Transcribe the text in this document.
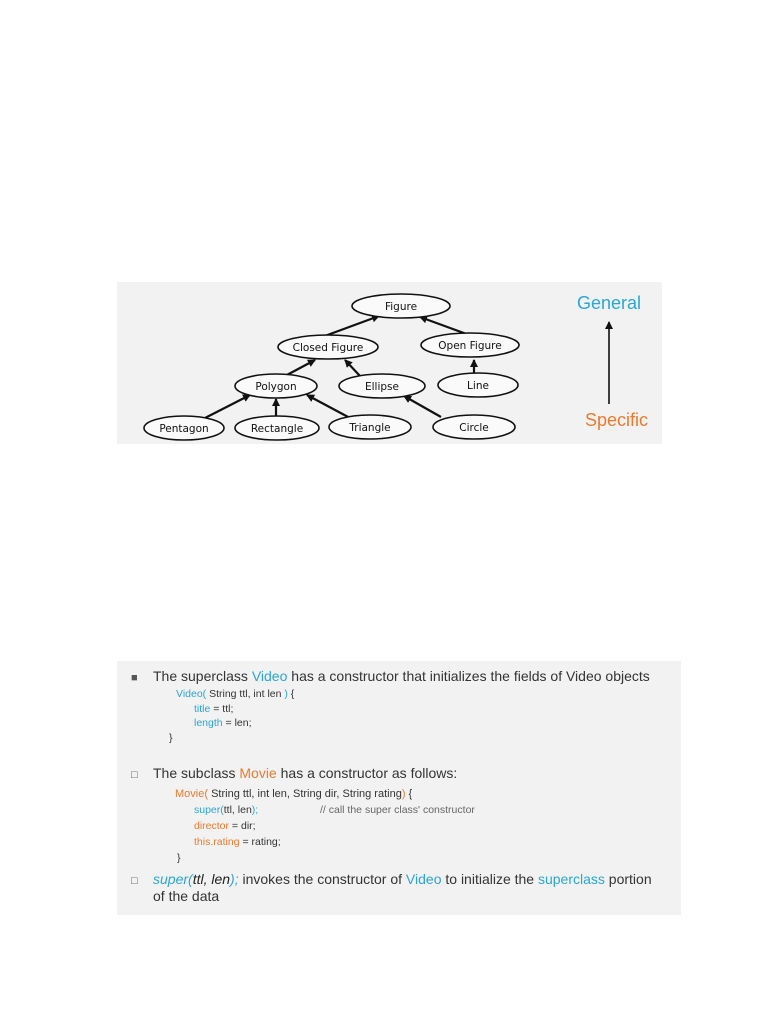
Figure
Closed Figure	Open Figure
Polygon	Ellipse	Line
Pentagon	Rectangle	Triangle	Circle
General
Specific
■	The superclass Video has a constructor that initializes the fields of Video objects
Video( String ttl, int len ) {
title = ttl;
length = len;
}
□	The subclass Movie has a constructor as follows:
Movie( String ttl, int len, String dir, String rating) {
super(ttl, len);	// call the super class' constructor
director = dir;
this.rating = rating;
}
□	super(ttl, len); invokes the constructor of Video to initialize the superclass portion
of the data
